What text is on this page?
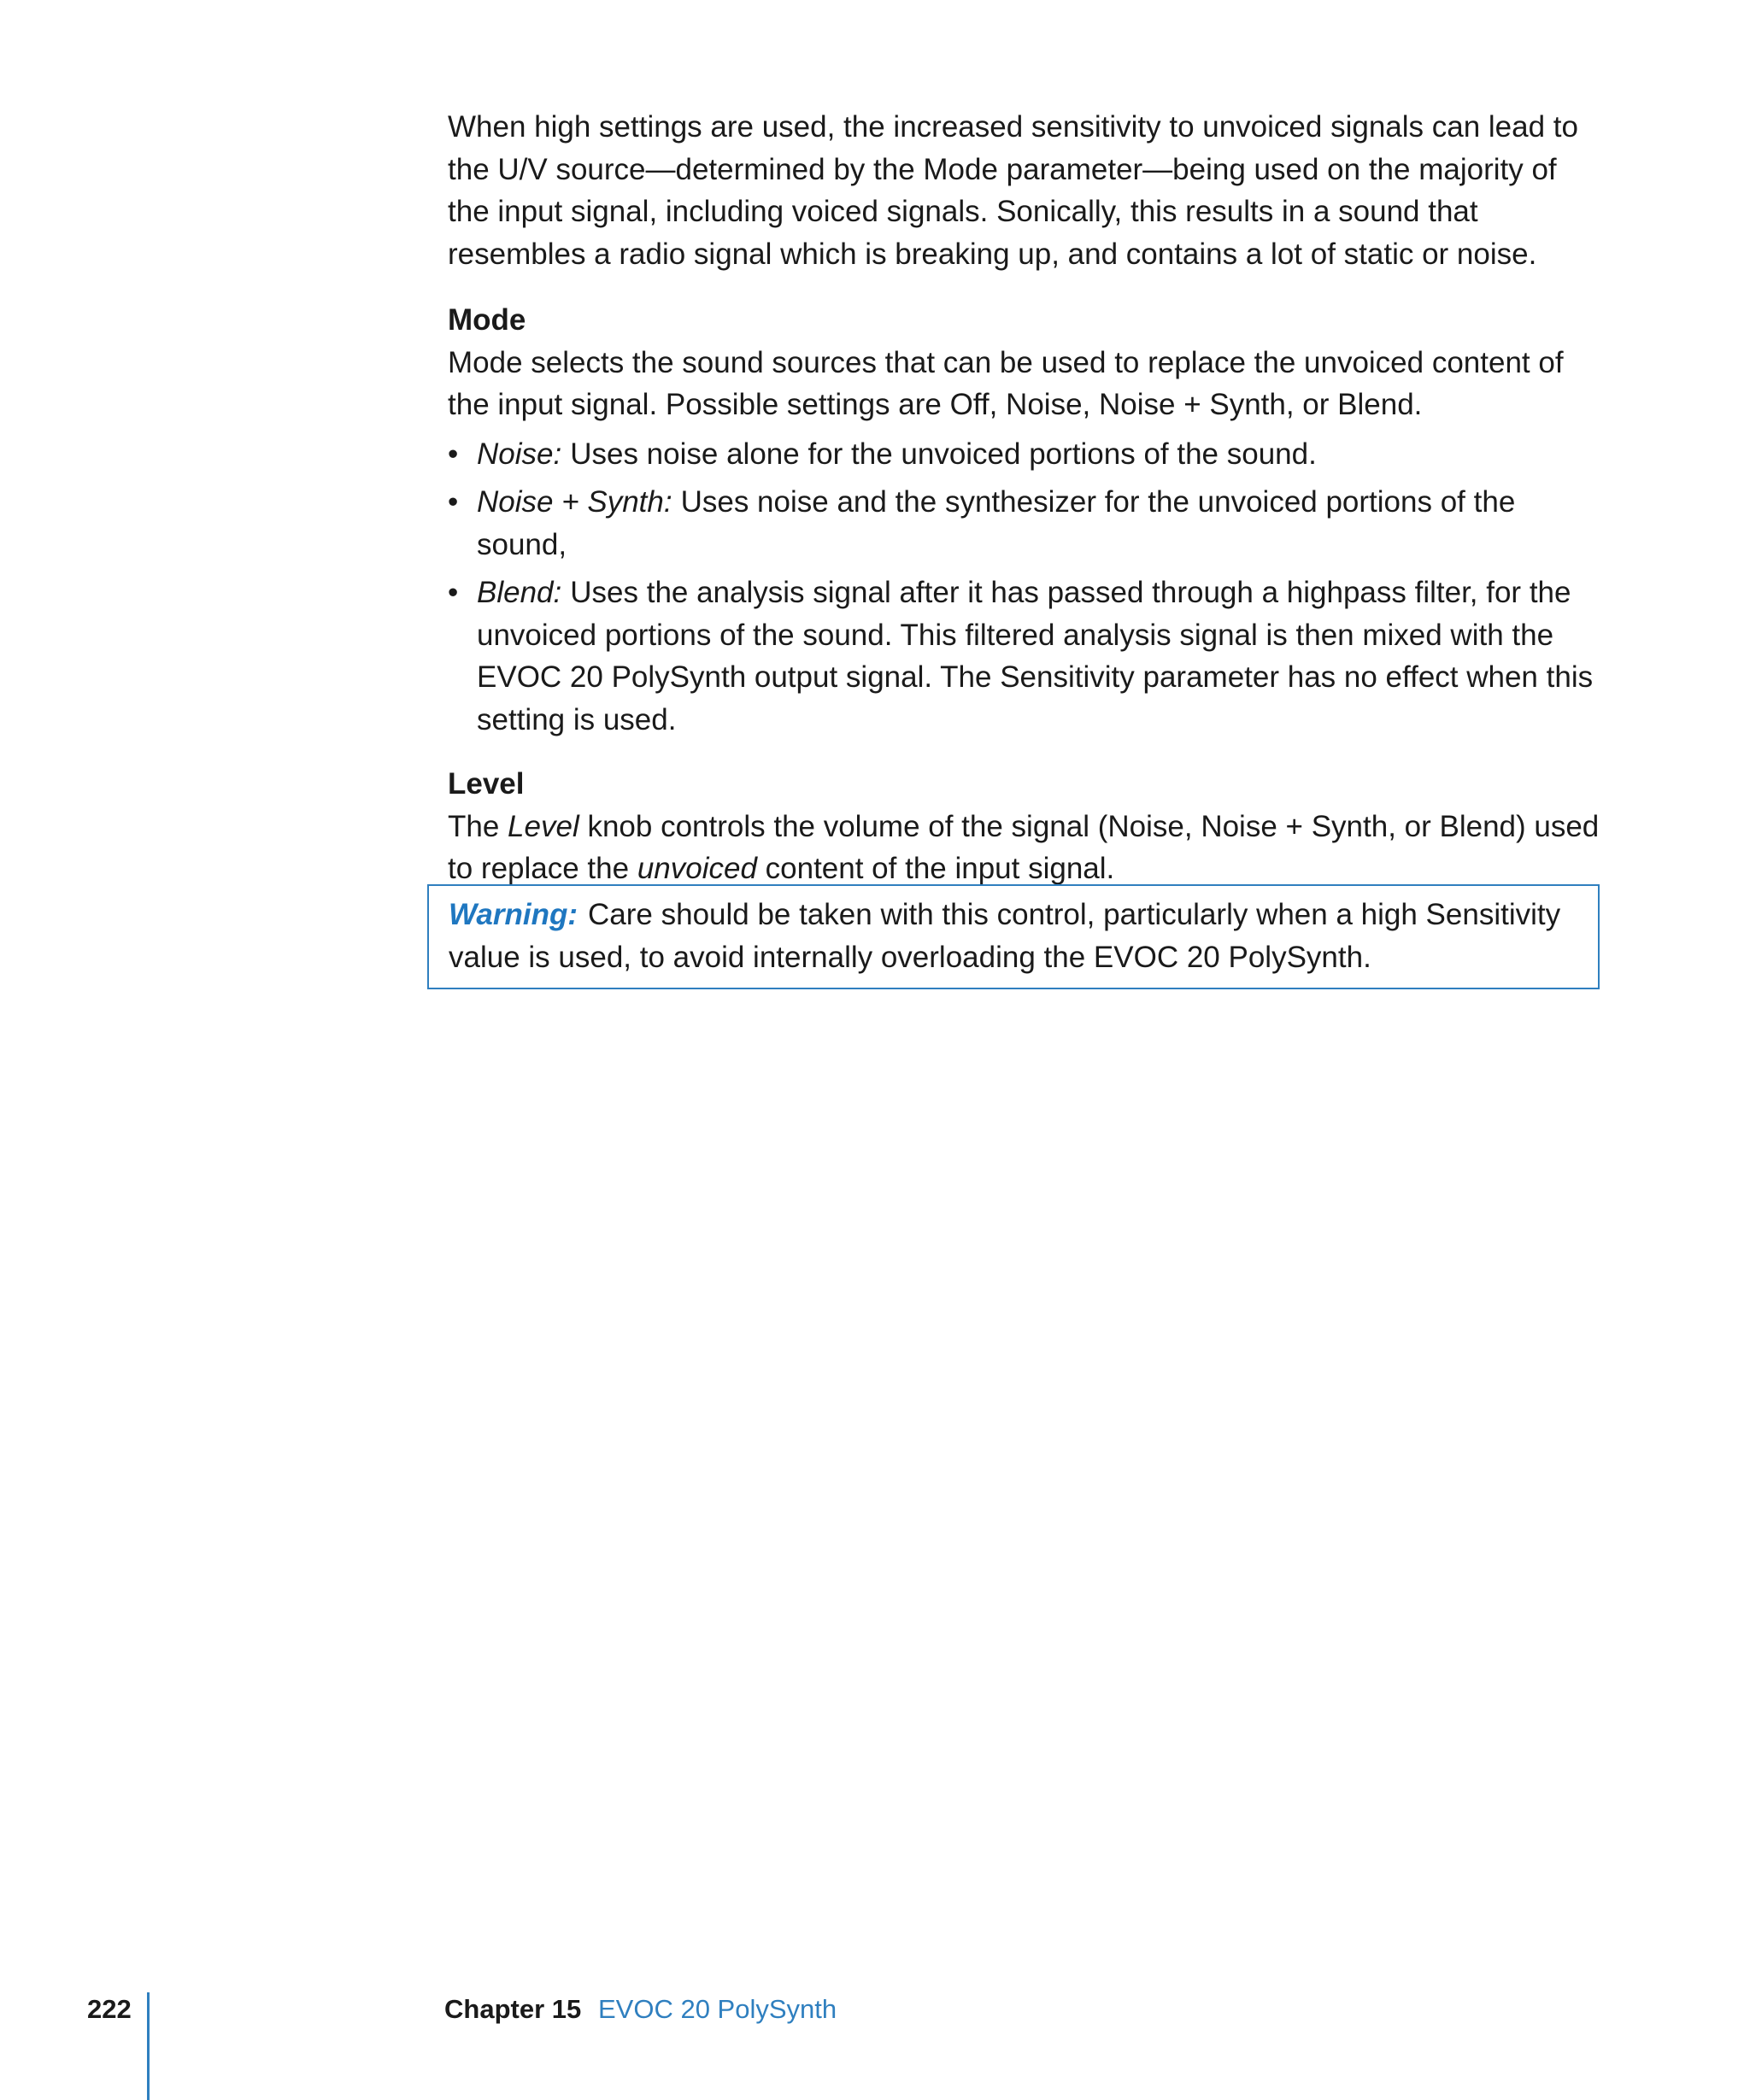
When high settings are used, the increased sensitivity to unvoiced signals can lead to the U/V source—determined by the Mode parameter—being used on the majority of the input signal, including voiced signals. Sonically, this results in a sound that resembles a radio signal which is breaking up, and contains a lot of static or noise.

Mode

Mode selects the sound sources that can be used to replace the unvoiced content of the input signal. Possible settings are Off, Noise, Noise + Synth, or Blend.

• Noise: Uses noise alone for the unvoiced portions of the sound.
• Noise + Synth: Uses noise and the synthesizer for the unvoiced portions of the sound,
• Blend: Uses the analysis signal after it has passed through a highpass filter, for the unvoiced portions of the sound. This filtered analysis signal is then mixed with the EVOC 20 PolySynth output signal. The Sensitivity parameter has no effect when this setting is used.
Level

The Level knob controls the volume of the signal (Noise, Noise + Synth, or Blend) used to replace the unvoiced content of the input signal.

Warning: Care should be taken with this control, particularly when a high Sensitivity value is used, to avoid internally overloading the EVOC 20 PolySynth.

222	Chapter 15 EVOC 20 PolySynth
